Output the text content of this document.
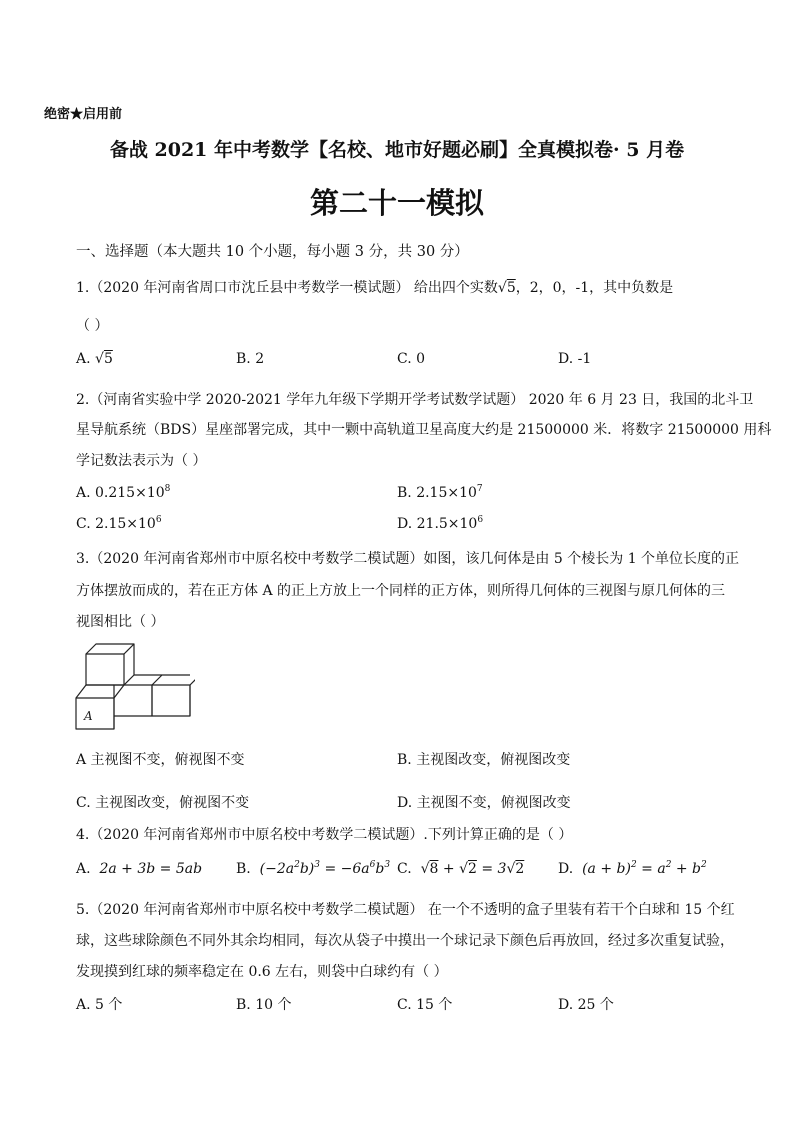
绝密★启用前
备战 2021 年中考数学【名校、地市好题必刷】全真模拟卷· 5 月卷
第二十一模拟
一、选择题（本大题共 10 个小题，每小题 3 分，共 30 分）
1.（2020 年河南省周口市沈丘县中考数学一模试题） 给出四个实数√5，2，0，-1，其中负数是
（ ）
A. √5	B. 2	C. 0	D. -1
2.（河南省实验中学 2020-2021 学年九年级下学期开学考试数学试题） 2020 年 6 月 23 日，我国的北斗卫
星导航系统（BDS）星座部署完成，其中一颗中高轨道卫星高度大约是 21500000 米．将数字 21500000 用科
学记数法表示为（ ）
A. $0.215\times 10^8$	B. $2.15\times 10^7$
C. $2.15\times 10^6$	D. $21.5\times 10^6$
3.（2020 年河南省郑州市中原名校中考数学二模试题）如图，该几何体是由 5 个棱长为 1 个单位长度的正
方体摆放而成的，若在正方体 A 的正上方放上一个同样的正方体，则所得几何体的三视图与原几何体的三
视图相比（ ）
A
A 主视图不变，俯视图不变	B. 主视图改变，俯视图改变
C. 主视图改变，俯视图不变	D. 主视图不变，俯视图改变
4.（2020 年河南省郑州市中原名校中考数学二模试题）.下列计算正确的是（ ）
A. 2a + 3b = 5ab B. $(-2a^2b)^3 = -6a^6b^3$ C. √8 + √2 = 3√2 D. $(a + b)^2 = a^2 + b^2$
5.（2020 年河南省郑州市中原名校中考数学二模试题） 在一个不透明的盒子里装有若干个白球和 15 个红
球，这些球除颜色不同外其余均相同，每次从袋子中摸出一个球记录下颜色后再放回，经过多次重复试验，
发现摸到红球的频率稳定在 0.6 左右，则袋中白球约有（ ）
A. 5 个	B. 10 个	C. 15 个	D. 25 个
